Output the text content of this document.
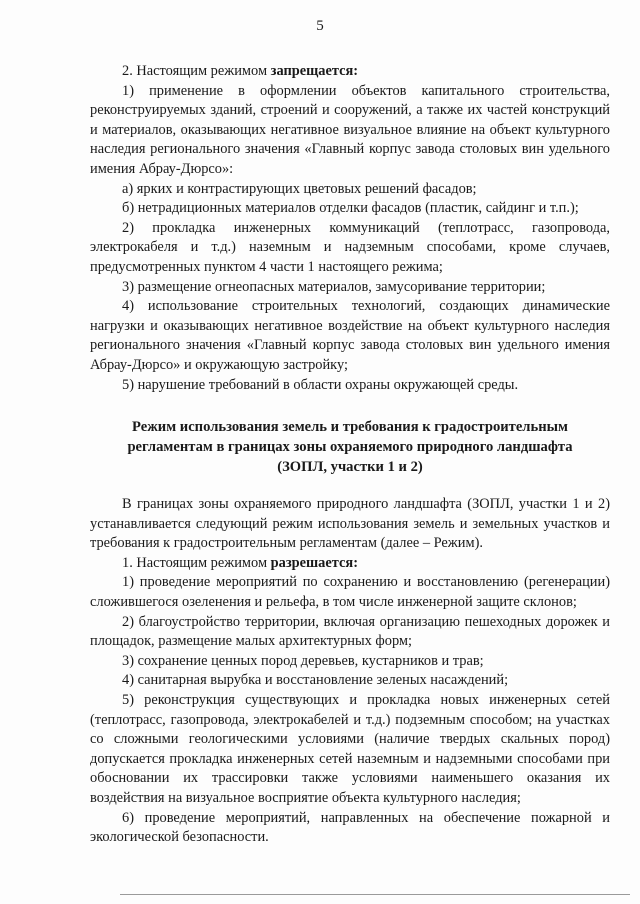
5

2. Настоящим режимом запрещается:

1) применение в оформлении объектов капитального строительства, реконструируемых зданий, строений и сооружений, а также их частей конструкций и материалов, оказывающих негативное визуальное влияние на объект культурного наследия регионального значения «Главный корпус завода столовых вин удельного имения Абрау-Дюрсо»:

а) ярких и контрастирующих цветовых решений фасадов;

б) нетрадиционных материалов отделки фасадов (пластик, сайдинг и т.п.);

2) прокладка инженерных коммуникаций (теплотрасс, газопровода, электрокабеля и т.д.) наземным и надземным способами, кроме случаев, предусмотренных пунктом 4 части 1 настоящего режима;

3) размещение огнеопасных материалов, замусоривание территории;

4) использование строительных технологий, создающих динамические нагрузки и оказывающих негативное воздействие на объект культурного наследия регионального значения «Главный корпус завода столовых вин удельного имения Абрау-Дюрсо» и окружающую застройку;

5) нарушение требований в области охраны окружающей среды.

Режим использования земель и требования к градостроительным
регламентам в границах зоны охраняемого природного ландшафта
(ЗОПЛ, участки 1 и 2)

В границах зоны охраняемого природного ландшафта (ЗОПЛ, участки 1 и 2) устанавливается следующий режим использования земель и земельных участков и требования к градостроительным регламентам (далее – Режим).

1. Настоящим режимом разрешается:

1) проведение мероприятий по сохранению и восстановлению (регенерации) сложившегося озеленения и рельефа, в том числе инженерной защите склонов;

2) благоустройство территории, включая организацию пешеходных дорожек и площадок, размещение малых архитектурных форм;

3) сохранение ценных пород деревьев, кустарников и трав;

4) санитарная вырубка и восстановление зеленых насаждений;

5) реконструкция существующих и прокладка новых инженерных сетей (теплотрасс, газопровода, электрокабелей и т.д.) подземным способом; на участках со сложными геологическими условиями (наличие твердых скальных пород) допускается прокладка инженерных сетей наземным и надземными способами при обосновании их трассировки также условиями наименьшего оказания их воздействия на визуальное восприятие объекта культурного наследия;

6) проведение мероприятий, направленных на обеспечение пожарной и экологической безопасности.
